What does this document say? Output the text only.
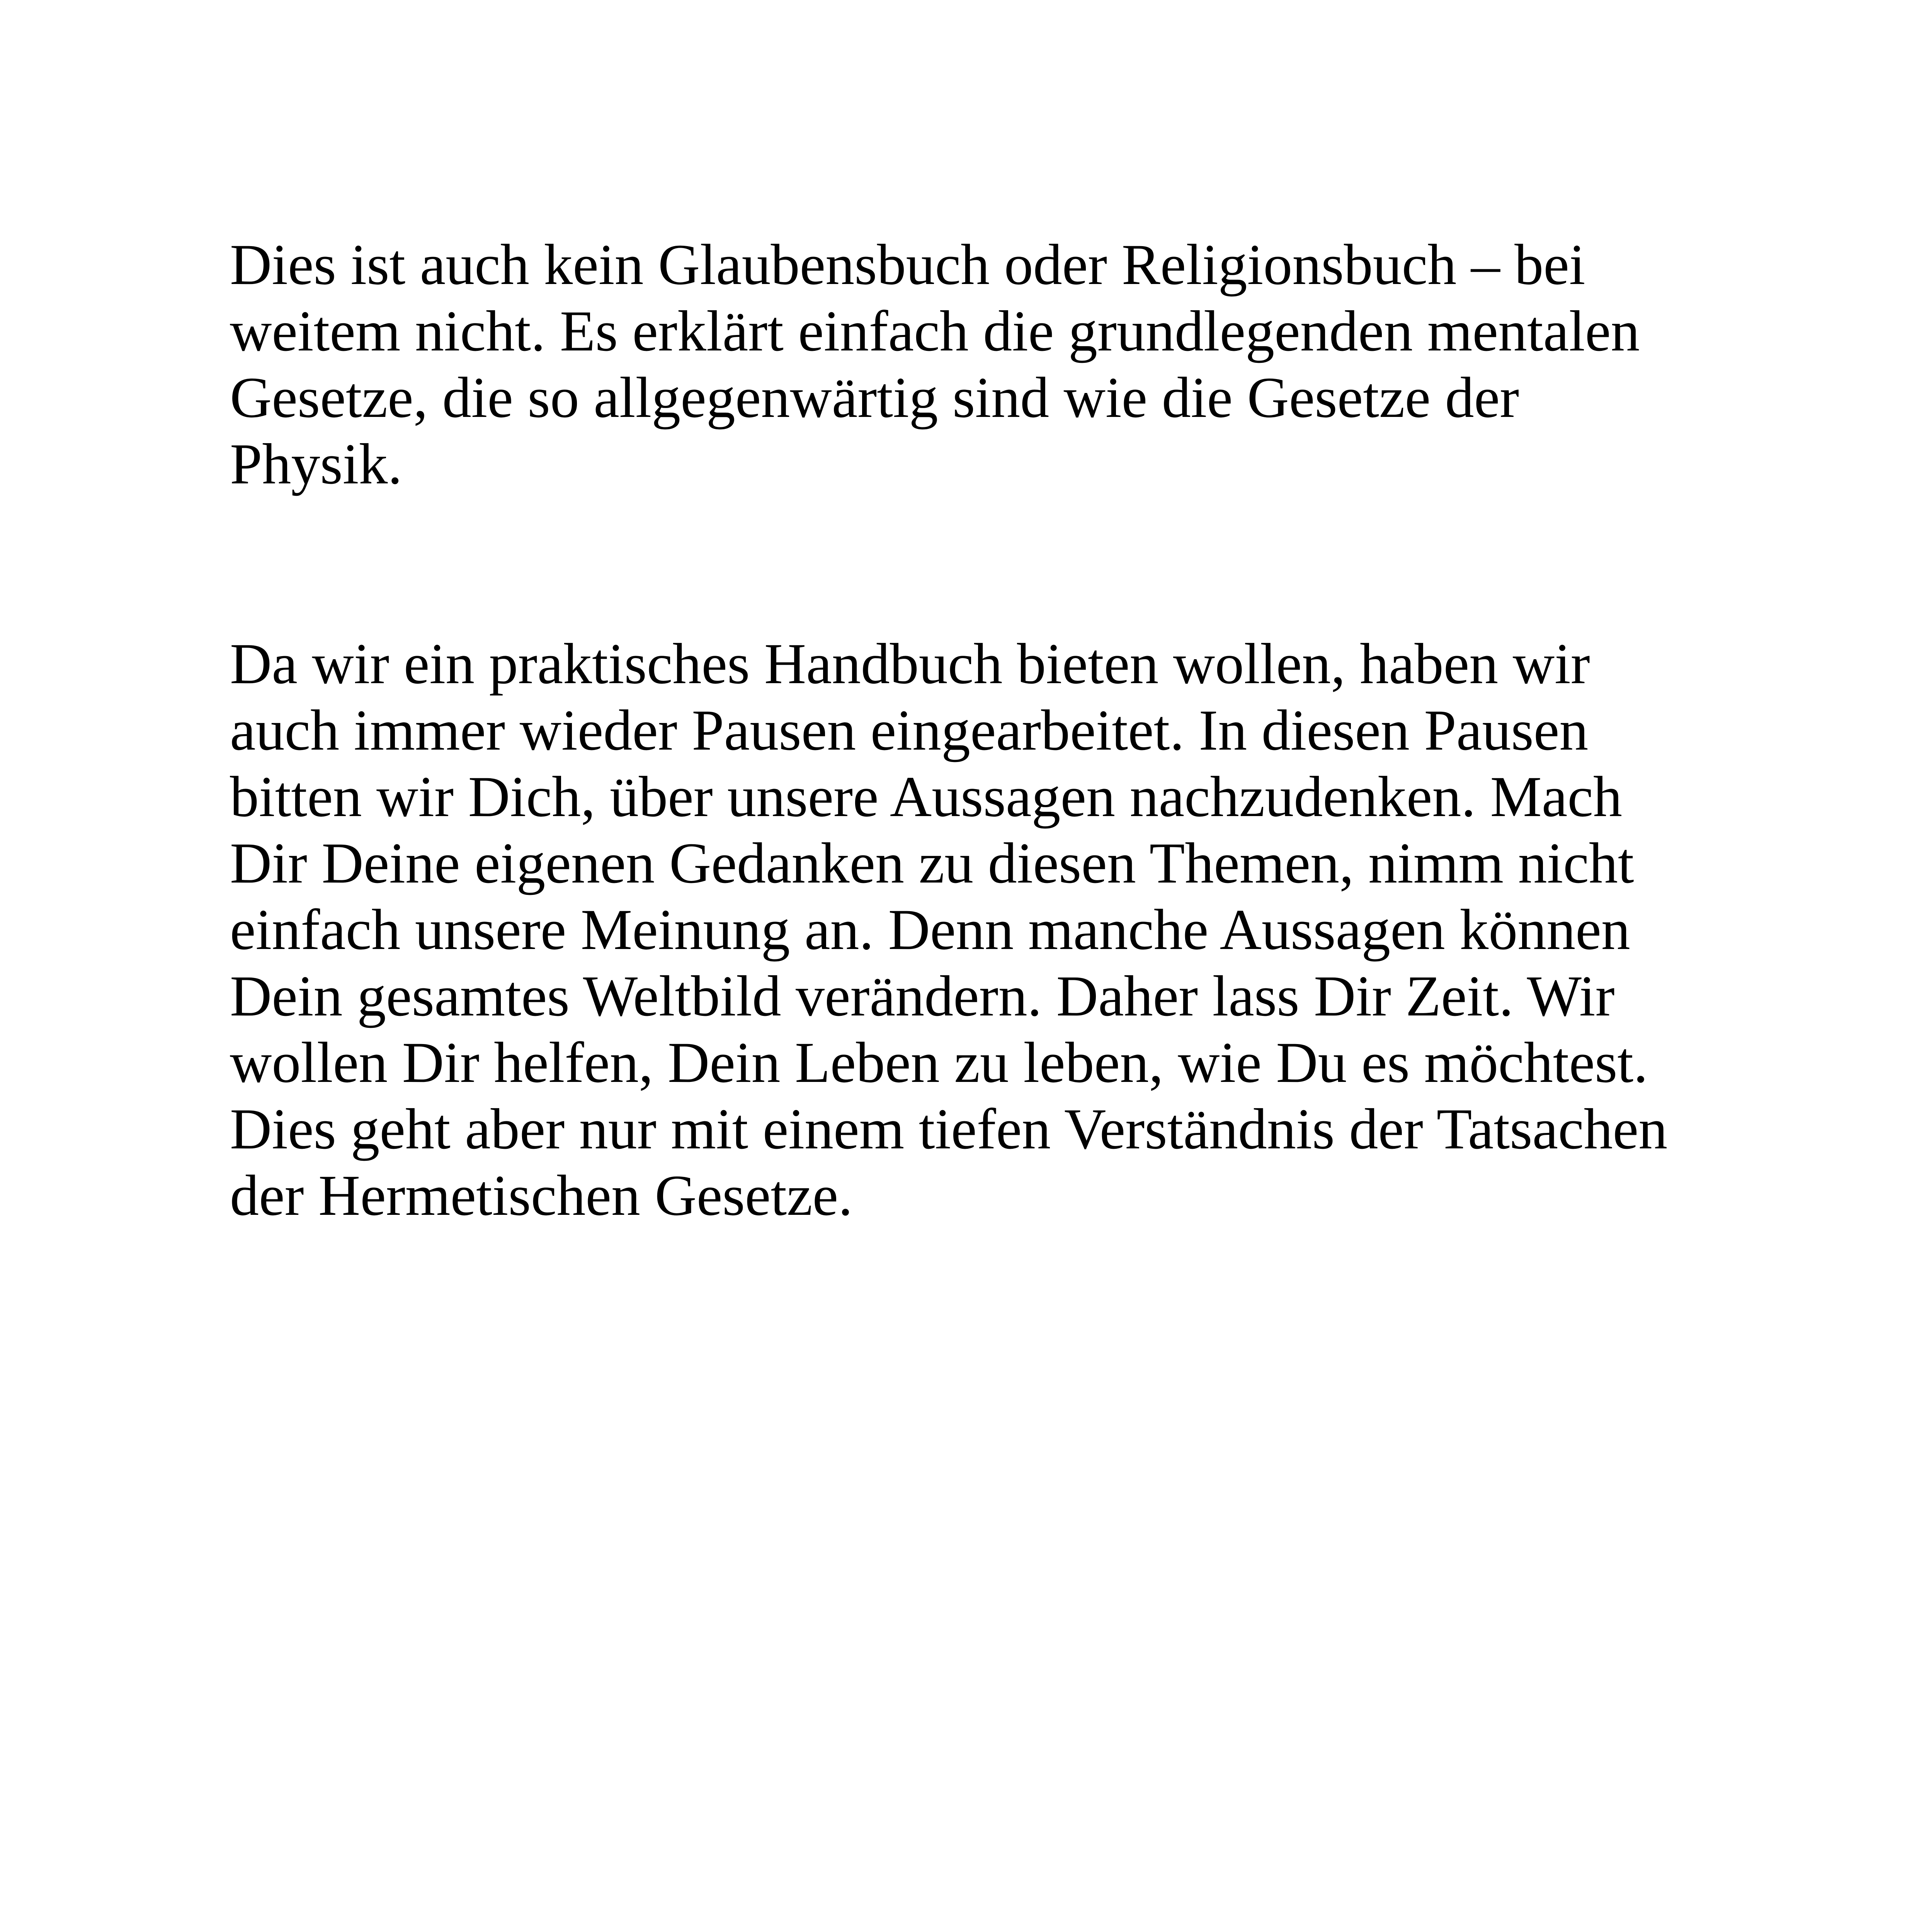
Dies ist auch kein Glaubensbuch oder Religionsbuch – bei
weitem nicht. Es erklärt einfach die grundlegenden mentalen
Gesetze, die so allgegenwärtig sind wie die Gesetze der
Physik.

Da wir ein praktisches Handbuch bieten wollen, haben wir
auch immer wieder Pausen eingearbeitet. In diesen Pausen
bitten wir Dich, über unsere Aussagen nachzudenken. Mach
Dir Deine eigenen Gedanken zu diesen Themen, nimm nicht
einfach unsere Meinung an. Denn manche Aussagen können
Dein gesamtes Weltbild verändern. Daher lass Dir Zeit. Wir
wollen Dir helfen, Dein Leben zu leben, wie Du es möchtest.
Dies geht aber nur mit einem tiefen Verständnis der Tatsachen
der Hermetischen Gesetze.
